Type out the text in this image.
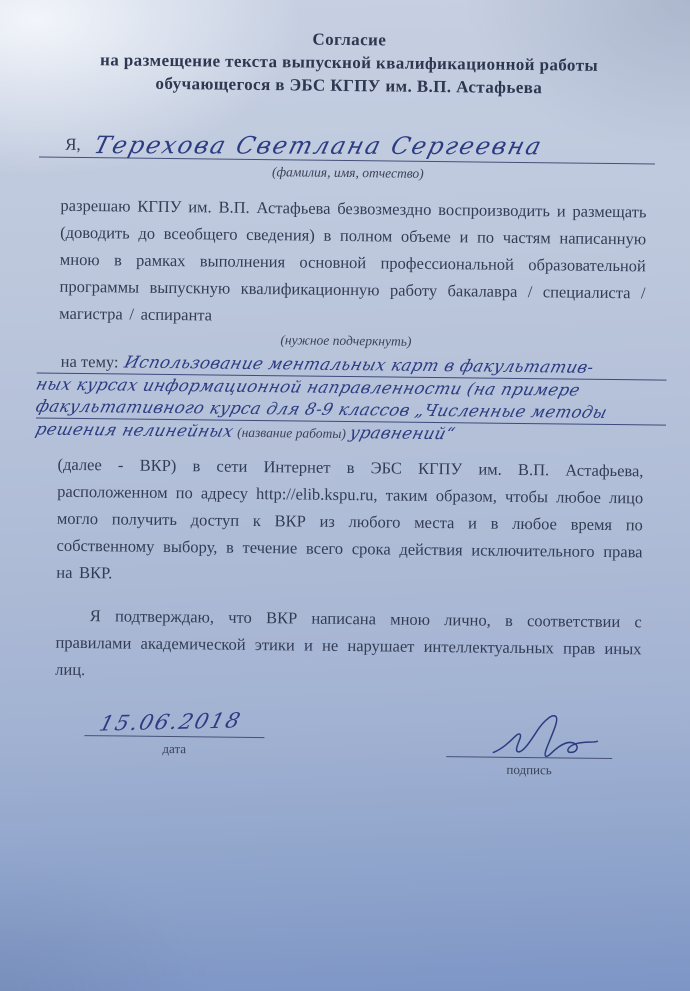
Согласие
на размещение текста выпускной квалификационной работы
обучающегося в ЭБС КГПУ им. В.П. Астафьева
Я, Терехова Светлана Сергеевна
(фамилия, имя, отчество)

разрешаю КГПУ им. В.П. Астафьева безвозмездно воспроизводить и размещать (доводить до всеобщего сведения) в полном объеме и по частям написанную мною в рамках выполнения основной профессиональной образовательной программы выпускную квалификационную работу бакалавра / специалиста / магистра / аспиранта

(нужное подчеркнуть)
на тему: Использование ментальных карт в факультатив-
ных курсах информационной направленности (на примере
факультативного курса для 8-9 классов „Численные методы
решения нелинейных (название работы) уравнений“

(далее - ВКР) в сети Интернет в ЭБС КГПУ им. В.П. Астафьева, расположенном по адресу http://elib.kspu.ru, таким образом, чтобы любое лицо могло получить доступ к ВКР из любого места и в любое время по собственному выбору, в течение всего срока действия исключительного права на ВКР.

Я подтверждаю, что ВКР написана мною лично, в соответствии с правилами академической этики и не нарушает интеллектуальных прав иных лиц.

15.06.2018
дата
подпись
